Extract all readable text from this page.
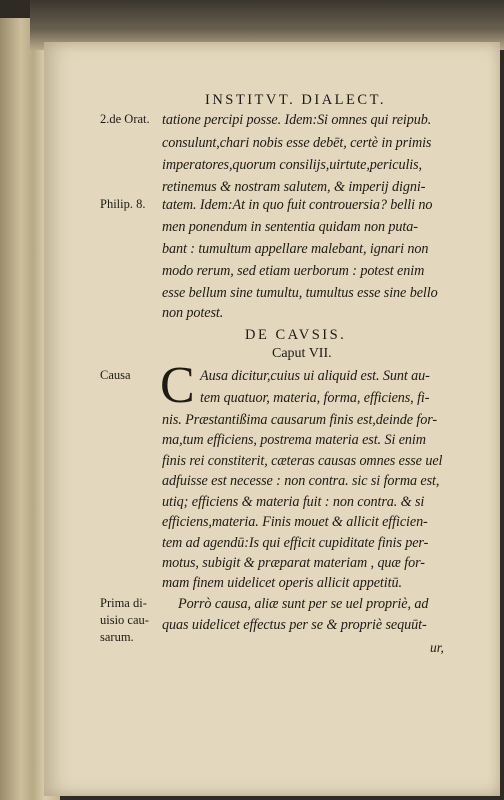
INSTITVT. DIALECT.
2.de Orat.
Philip. 8.
Causa
Prima di-
uisio cau-
sarum.
tatione percipi posse. Idem:Si omnes qui reipub.
consulunt,chari nobis esse debēt, certè in primis
imperatores,quorum consilijs,uirtute,periculis,
retinemus & nostram salutem, & imperij digni-
tatem. Idem:At in quo fuit controuersia? belli no
men ponendum in sententia quidam non puta-
bant : tumultum appellare malebant, ignari non
modo rerum, sed etiam uerborum : potest enim
esse bellum sine tumultu, tumultus esse sine bello
non potest.
DE CAVSIS.
Caput VII.
C Ausa dicitur,cuius ui aliquid est. Sunt au-
tem quatuor, materia, forma, efficiens, fi-
nis. Præstantißima causarum finis est,deinde for-
ma,tum efficiens, postrema materia est. Si enim
finis rei constiterit, cæteras causas omnes esse uel
adfuisse est necesse : non contra. sic si forma est,
utiq; efficiens & materia fuit : non contra. & si
efficiens,materia. Finis mouet & allicit efficien-
tem ad agendū:Is qui efficit cupiditate finis per-
motus, subigit & præparat materiam , quæ for-
mam finem uidelicet operis allicit appetitū.
Porrò causa, aliæ sunt per se uel propriè, ad
quas uidelicet effectus per se & propriè sequūt-
ur,
